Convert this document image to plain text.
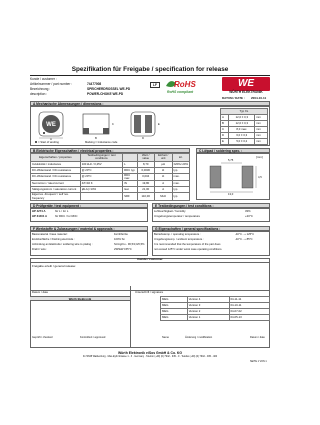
Spezifikation für Freigabe / specification for release
Kunde / customer :
Artikelnummer / part number :	74477008
Bezeichnung :	SPEICHERDROSSEL WE-PD
description :	POWER-CHOKE WE-PD
LF	RoHS
RoHS compliant
WE
WÜRTH ELEKTRONIK
DATUM / DATE : 2004-10-11
A Mechanische Abmessungen / dimensions :
WE
A	B
C
D
E
= Start of winding	Marking = Inductance code
Typ XL		
A	12,0 ± 0,3	mm
B	12,0 ± 0,3	mm
C	8,0 max.	mm
D	6,0 ± 0,3	mm
E	5,0 ± 0,2	mm
B Elektrische Eigenschaften / electrical properties :
Eigenschaften / properties	Testbedingungen / test conditions		Wert / value	Einheit / unit	tol.
Induktivität / inductance	100 kHz / 0,25V	L	8,70	µH	±20%/-20%
DC-Widerstand / DC-resistance	@ 20°C	RDC typ	0,0030	Ω	typ.
DC-Widerstand / DC-resistance	@ 20°C	RDC max	0,004	Ω	max.
Nennstrom / rated current	ΔT=40 K	IN	19,80	A	max.
Sättigungsstrom / saturation current	|ΔL/L|<10%	Isat	21,00	A	typ.
Eigenres.-Frequenz / self res. frequency		SRF	110,00	MHz	typ.
C Lötpad / soldering spec. :
[mm]
5,75
4,5
13,0
D Prüfgeräte / test equipment :
HP 4274 A	für L / for L
HP 34401 A	für RDC / for RDC
E Testbedingungen / test conditions :
Luftfeuchtigkeit / humidity	33%
Umgebungstemperatur / temperature	+20°C
F Werkstoffe & Zulassungen / material & approvals :
Basismaterial / base material :	Ferrit/ferrite
Endoberfläche / finishing electrode :	100% Sn
Anbindung an Elektrode / soldering wire to plating :	Sn/Ag/Cu - 96,5/3,0/0,5%
Draht / wire :	2SPEW 155°C
G Eigenschaften / general specifications :
Betriebstemp. / operating temperature :	-40°C - + 125°C
Umgebungstemp. / ambient temperature :	-40°C - + 85°C
It is recommended that the temperature of the part does
not exceed 125°C under worst case operating conditions.
Kunde / customer
Freigabe erteilt / general release:
Datum / date	Unterschrift / signature
Würth Elektronik	MEG	Version 4	04-11-11
MEG	Version 3	04-10-11
MEG	Version 2	04-07-02
MEG	Version 1	04-05-13
Geprüft / checked	Kontrolliert / approved	Name	Änderung / modification	Datum / date
Würth Elektronik eiSos GmbH & Co. KG
D-74638 Waldenburg · Max-Eyth-Strasse 1 - 3 · Germany · Telefon (+49) (0) 7942 - 945 - 0 · Telefax (+49) (0) 7942 - 945 - 400
SEITE 1 VON 1
